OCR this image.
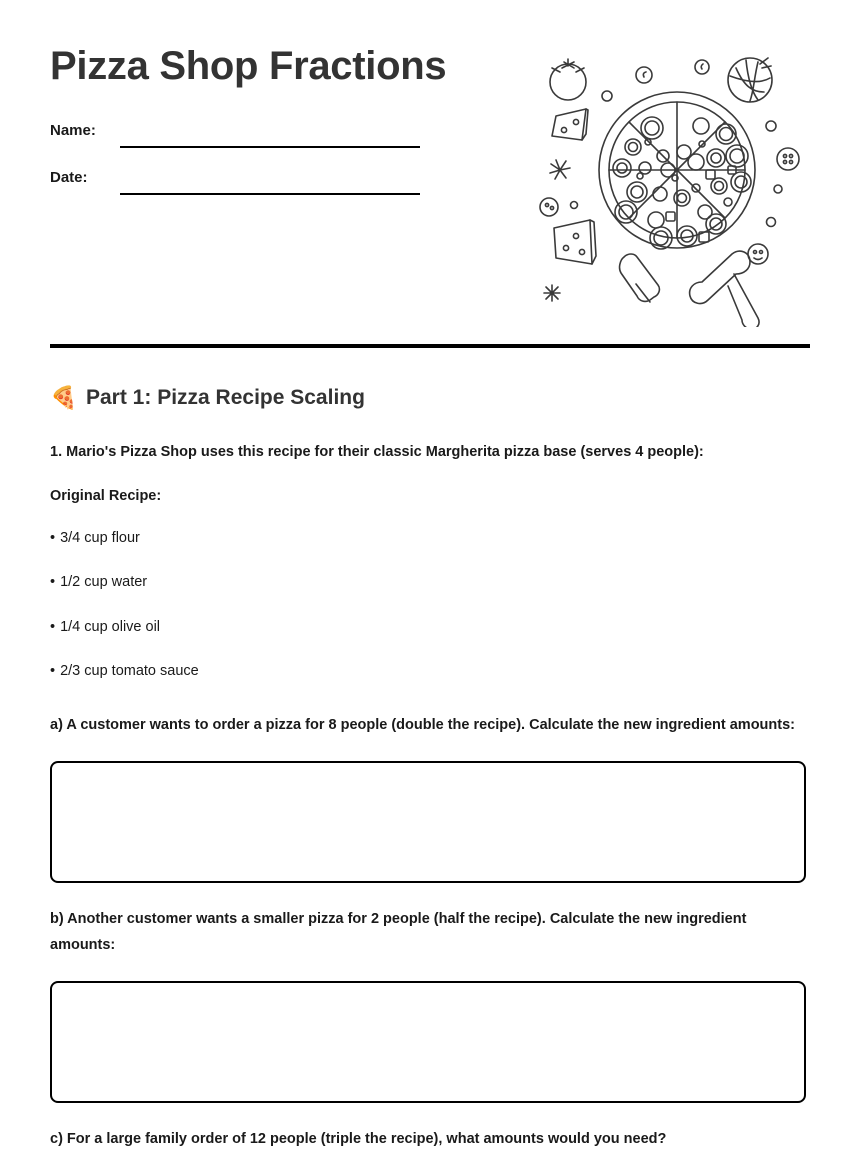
Pizza Shop Fractions
Name:
Date:
🍕 Part 1: Pizza Recipe Scaling

1. Mario's Pizza Shop uses this recipe for their classic Margherita pizza base (serves 4 people):

Original Recipe:

• 3/4 cup flour

• 1/2 cup water

• 1/4 cup olive oil

• 2/3 cup tomato sauce

a) A customer wants to order a pizza for 8 people (double the recipe). Calculate the new ingredient amounts:

b) Another customer wants a smaller pizza for 2 people (half the recipe). Calculate the new ingredient amounts:

c) For a large family order of 12 people (triple the recipe), what amounts would you need?
